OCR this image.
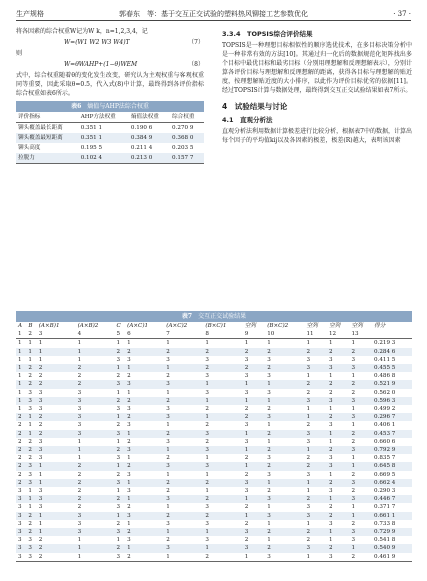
生产规格	郭春东　等：基于交互正交试验的塑料热风铆接工艺参数优化	· 37 ·

将各因素的综合权重W记为W k，n=1,2,3,4，记

W=(W1 W2 W3 W4)T	（7）

则

W=θWAHP+(1−θ)WEM	（8）

式中，综合权重随着θ的变化发生改变，研究认为主观权重与客观权重同等重要，因此采取θ=0.5，代入式(8)中计算，最终得到各评价指标综合权重如表6所示。

表6 熵值与AHP法综合权重
评价指标	AHP方法权重	熵值法权重	综合权重
铆头覆盖最长距离	0.351 1	0.190 6	0.270 9
铆头覆盖最短距离	0.351 1	0.384 9	0.368 0
铆头高度	0.195 5	0.211 4	0.203 5
拉脱力	0.102 4	0.213 0	0.157 7
3.3.4　TOPSIS综合评价结果

TOPSIS是一种理想目标相似性的顺序选优技术，在多目标决策分析中是一种非常有效的方法[10]。其通过归一化后的数据规范化矩阵找出多个目标中最优目标和最劣目标（分别用理想解和反理想解表示），分别计算各评价目标与理想解和反理想解的距离，获得各目标与理想解的贴近度，按理想解贴近度的大小排序，以此作为评价目标优劣的依据[11]。经过TOPSIS计算与数据处理，最终得到交互正交试验结果如表7所示。

4　试验结果与讨论
4.1　直观分析法

直观分析法利用数据计算极差进行比较分析，根据表7中的数据，计算出每个因子的平均值kij以及各因素的极差，极差(R)越大，表明该因素

表7 交互正交试验结果
A	B	(A×B)1	(A×B)2	C	(A×C)1	(A×C)2	(B×C)1	空列	(B×C)2	空列	空列	空列	得分
1	2	3	4	5	6	7	8	9	10	11	12	13	
1	1	1	1	1	1	1	1	1	1	1	1	1	0.219 3
1	1	1	1	2	2	2	2	2	2	2	2	2	0.284 6
1	1	1	1	3	3	3	3	3	3	3	3	3	0.411 5
1	2	2	2	1	1	1	2	2	2	3	3	3	0.455 5
1	2	2	2	2	2	2	3	3	3	1	1	1	0.486 8
1	2	2	2	3	3	3	1	1	1	2	2	2	0.521 9
1	3	3	3	1	1	1	3	3	3	2	2	2	0.562 0
1	3	3	3	2	2	2	1	1	1	3	3	3	0.596 3
1	3	3	3	3	3	3	2	2	2	1	1	1	0.499 2
2	1	2	3	1	2	3	1	2	3	1	2	3	0.296 7
2	1	2	3	2	3	1	2	3	1	2	3	1	0.406 1
2	1	2	3	3	1	2	3	1	2	3	1	2	0.453 7
2	2	3	1	1	2	3	2	3	1	3	1	2	0.660 6
2	2	3	1	2	3	1	3	1	2	1	2	3	0.792 9
2	2	3	1	3	1	2	1	2	3	2	3	1	0.835 7
2	3	1	2	1	2	3	3	1	2	2	3	1	0.645 8
2	3	1	2	2	3	1	1	2	3	3	1	2	0.669 5
2	3	1	2	3	1	2	2	3	1	1	2	3	0.662 4
3	1	3	2	1	3	2	1	3	2	1	3	2	0.290 3
3	1	3	2	2	1	3	2	1	3	2	1	3	0.446 7
3	1	3	2	3	2	1	3	2	1	3	2	1	0.371 7
3	2	1	3	1	3	2	2	1	3	3	2	1	0.661 1
3	2	1	3	2	1	3	3	2	1	1	3	2	0.733 8
3	2	1	3	3	2	1	1	3	2	2	1	3	0.729 9
3	3	2	1	1	3	2	3	2	1	2	1	3	0.541 8
3	3	2	1	2	1	3	1	3	2	3	2	1	0.540 9
3	3	2	1	3	2	1	2	1	3	1	3	2	0.461 9
